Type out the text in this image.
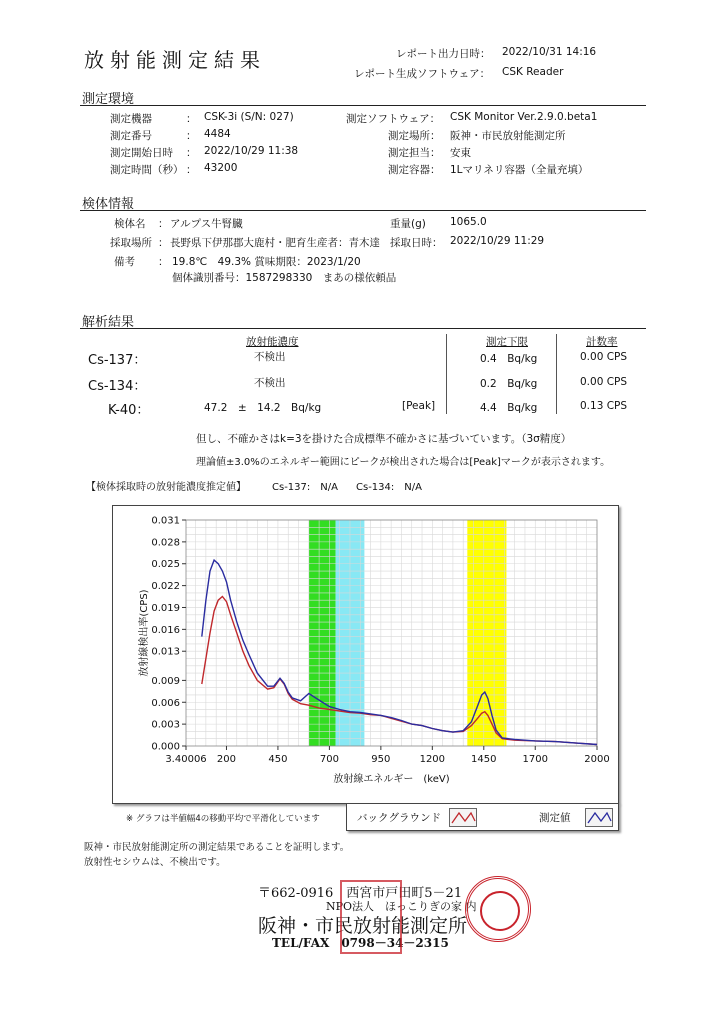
放射能測定結果	レポート出力日時： 2022/10/31 14:16
レポート生成ソフトウェア： CSK Reader
測定環境
測定機器	： CSK-3i (S/N: 027)
測定番号	： 4484
測定開始日時 ： 2022/10/29 11:38
測定時間（秒） ： 43200
測定ソフトウェア： CSK Monitor Ver.2.9.0.beta1
測定場所： 阪神・市民放射能測定所
測定担当： 安東
測定容器： 1Lマリネリ容器（全量充填）
検体情報
検体名 ： アルプス牛腎臓	重量(g) 1065.0
採取場所 ： 長野県下伊那郡大鹿村・肥育生産者：青木達 採取日時： 2022/10/29 11:29
備考 ： 19.8℃　49.3% 賞味期限：2023/1/20
個体識別番号：1587298330　まあの様依頼品
解析結果
放射能濃度	測定下限	計数率
Cs-137：	不検出	0.4　Bq/kg	0.00 CPS
Cs-134：	不検出	0.2　Bq/kg	0.00 CPS
K-40：	47.2　±　14.2　Bq/kg	[Peak]	4.4　Bq/kg	0.13 CPS
但し、不確かさはk=3を掛けた合成標準不確かさに基づいています。（3σ精度）
理論値±3.0%のエネルギー範囲にピークが検出された場合は[Peak]マークが表示されます。
【検体採取時の放射能濃度推定値】	Cs-137:　N/A Cs-134:　N/A
0.000
0.003
0.006
0.009
0.013
0.016
0.019
0.022
0.025
0.028
0.031
3.40006 200	450	700	950	1200	1450	1700	2000
放射線エネルギー　(keV)
放射線検出率(CPS)
※ グラフは半値幅4の移動平均で平滑化しています	バックグラウンド	測定値
阪神・市民放射能測定所の測定結果であることを証明します。
放射性セシウムは、不検出です。
〒662-0916　西宮市戸田町5－21
NPO法人　ほっこりぎの家 内
阪神・市民放射能測定所
TEL/FAX　0798－34－2315
